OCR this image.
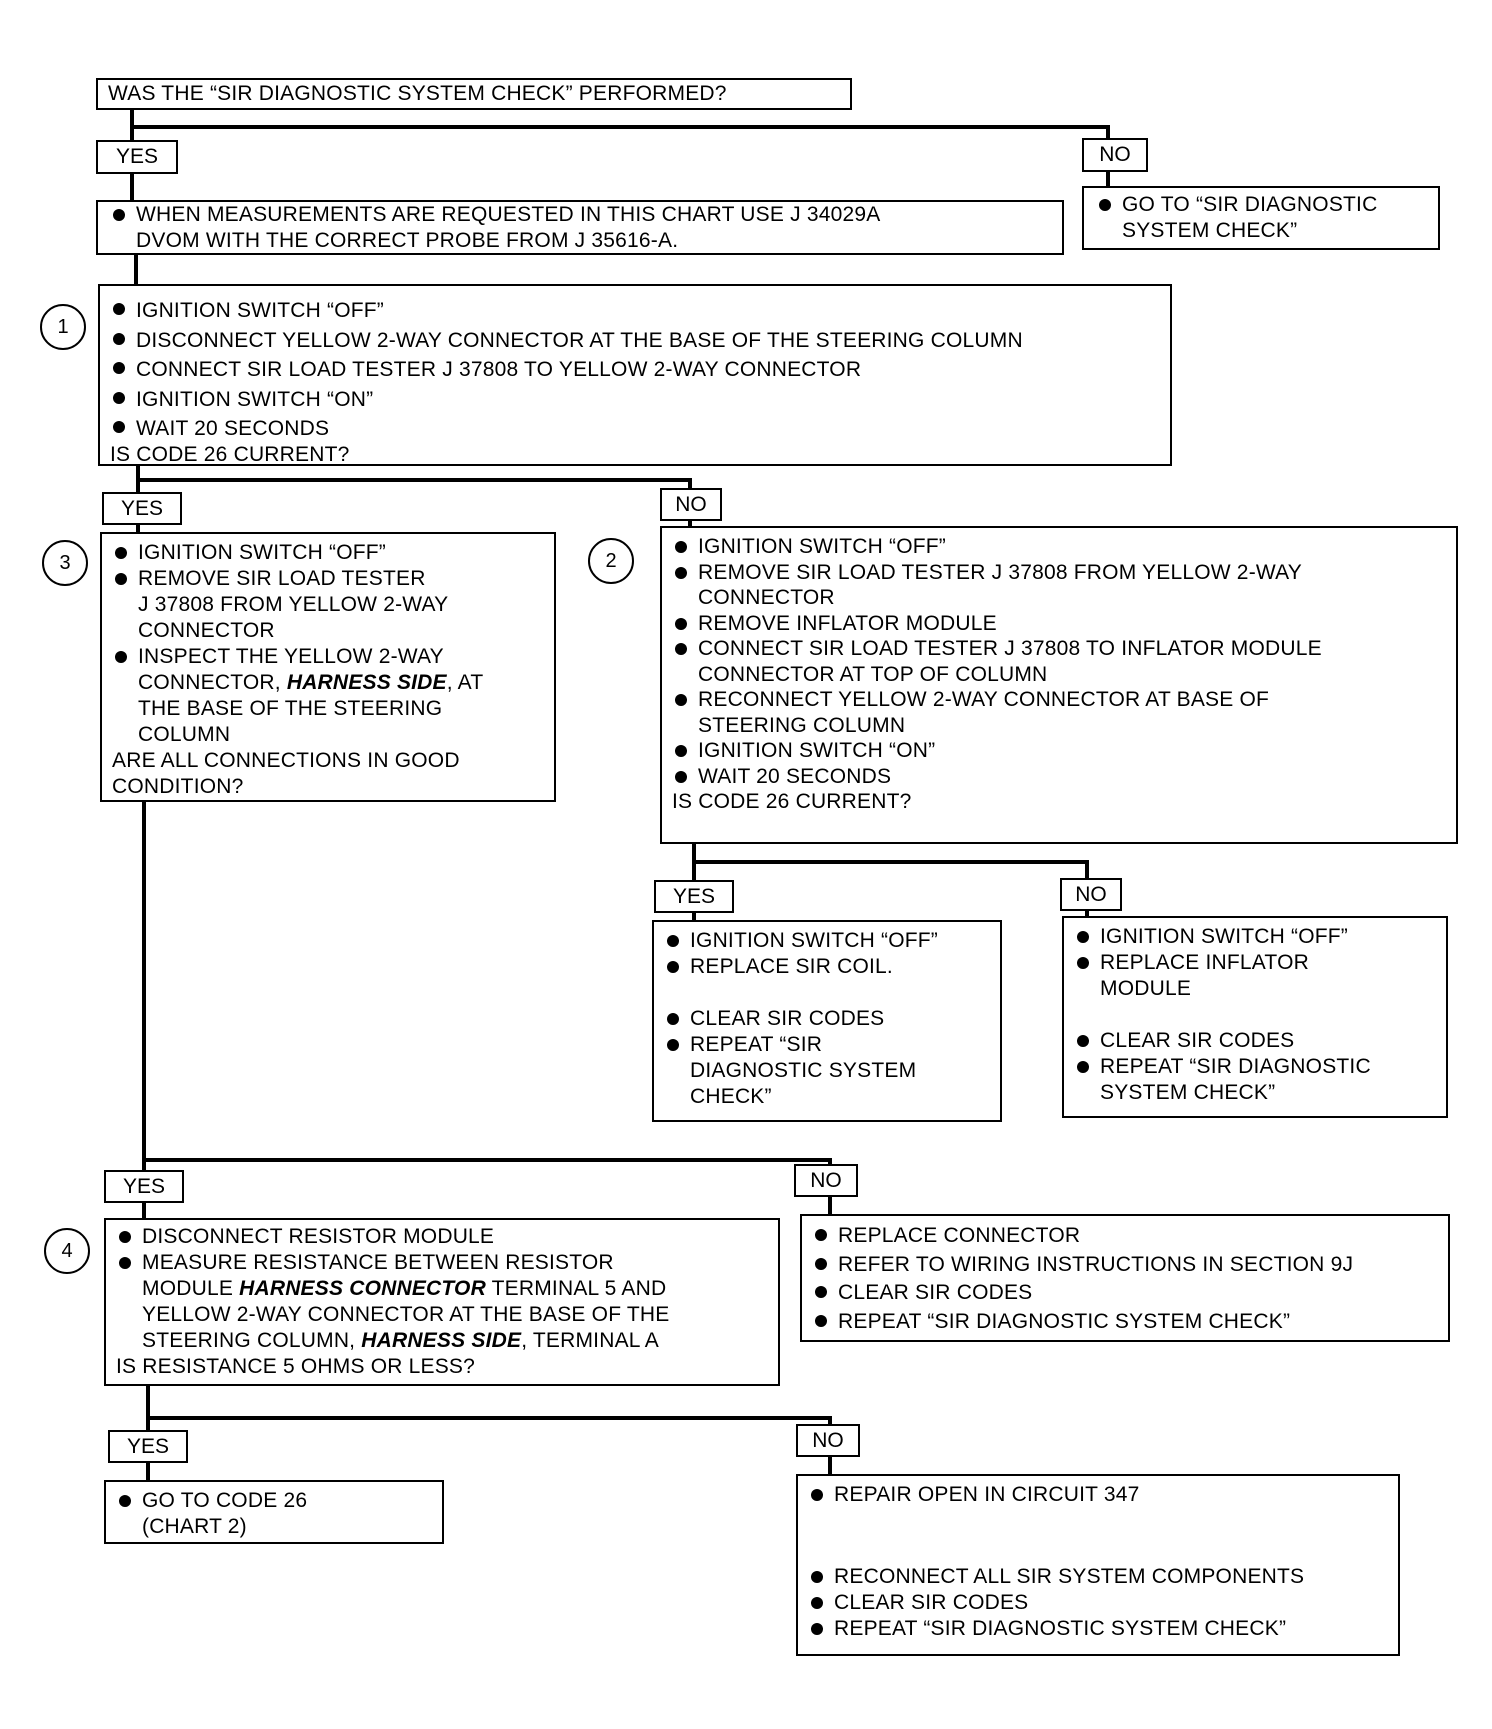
WAS THE “SIR DIAGNOSTIC SYSTEM CHECK” PERFORMED?
YES	NO
WHEN MEASUREMENTS ARE REQUESTED IN THIS CHART USE J 34029A
DVOM WITH THE CORRECT PROBE FROM J 35616-A.
GO TO “SIR DIAGNOSTIC
SYSTEM CHECK”
1
IGNITION SWITCH “OFF”
DISCONNECT YELLOW 2-WAY CONNECTOR AT THE BASE OF THE STEERING COLUMN
CONNECT SIR LOAD TESTER J 37808 TO YELLOW 2-WAY CONNECTOR
IGNITION SWITCH “ON”
WAIT 20 SECONDS
IS CODE 26 CURRENT?
YES	NO
3	IGNITION SWITCH “OFF”
REMOVE SIR LOAD TESTER
J 37808 FROM YELLOW 2-WAY
CONNECTOR
INSPECT THE YELLOW 2-WAY
CONNECTOR, HARNESS SIDE, AT
THE BASE OF THE STEERING
COLUMN
ARE ALL CONNECTIONS IN GOOD
CONDITION?
2
IGNITION SWITCH “OFF”
REMOVE SIR LOAD TESTER J 37808 FROM YELLOW 2-WAY
CONNECTOR
REMOVE INFLATOR MODULE
CONNECT SIR LOAD TESTER J 37808 TO INFLATOR MODULE
CONNECTOR AT TOP OF COLUMN
RECONNECT YELLOW 2-WAY CONNECTOR AT BASE OF
STEERING COLUMN
IGNITION SWITCH “ON”
WAIT 20 SECONDS
IS CODE 26 CURRENT?
YES	NO
IGNITION SWITCH “OFF”
REPLACE SIR COIL.
CLEAR SIR CODES
REPEAT “SIR
DIAGNOSTIC SYSTEM
CHECK”
IGNITION SWITCH “OFF”
REPLACE INFLATOR
MODULE
CLEAR SIR CODES
REPEAT “SIR DIAGNOSTIC
SYSTEM CHECK”
YES	NO
4
DISCONNECT RESISTOR MODULE
MEASURE RESISTANCE BETWEEN RESISTOR
MODULE HARNESS CONNECTOR TERMINAL 5 AND
YELLOW 2-WAY CONNECTOR AT THE BASE OF THE
STEERING COLUMN, HARNESS SIDE, TERMINAL A
IS RESISTANCE 5 OHMS OR LESS?
REPLACE CONNECTOR
REFER TO WIRING INSTRUCTIONS IN SECTION 9J
CLEAR SIR CODES
REPEAT “SIR DIAGNOSTIC SYSTEM CHECK”
YES	NO
GO TO CODE 26
(CHART 2)
REPAIR OPEN IN CIRCUIT 347
RECONNECT ALL SIR SYSTEM COMPONENTS
CLEAR SIR CODES
REPEAT “SIR DIAGNOSTIC SYSTEM CHECK”
